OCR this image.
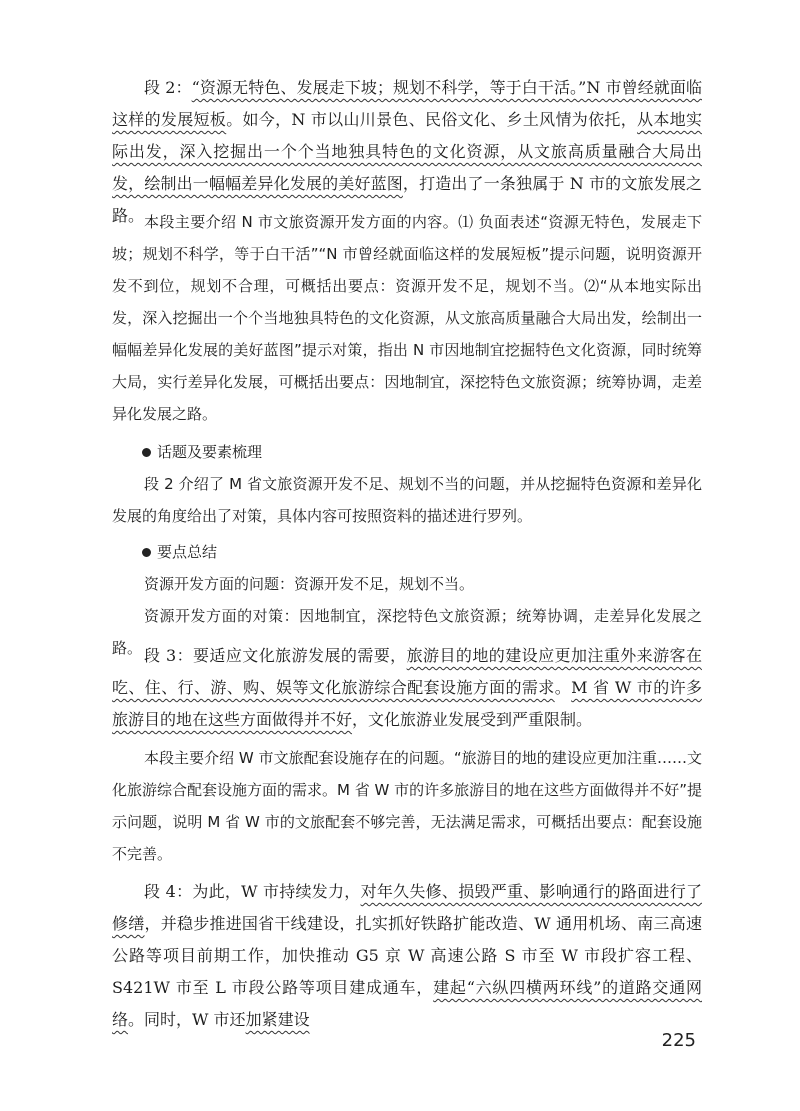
段 2：“资源无特色、发展走下坡；规划不科学，等于白干活。”N 市曾经就面临这样的发展短板。如今，N 市以山川景色、民俗文化、乡土风情为依托，从本地实际出发，深入挖掘出一个个当地独具特色的文化资源，从文旅高质量融合大局出发，绘制出一幅幅差异化发展的美好蓝图，打造出了一条独属于 N 市的文旅发展之路。 本段主要介绍 N 市文旅资源开发方面的内容。⑴ 负面表述“资源无特色，发展走下坡；规划不科学，等于白干活”“N 市曾经就面临这样的发展短板”提示问题，说明资源开发不到位，规划不合理，可概括出要点：资源开发不足，规划不当。⑵“从本地实际出发，深入挖掘出一个个当地独具特色的文化资源，从文旅高质量融合大局出发，绘制出一幅幅差异化发展的美好蓝图”提示对策，指出 N 市因地制宜挖掘特色文化资源，同时统筹大局，实行差异化发展，可概括出要点：因地制宜，深挖特色文旅资源；统筹协调，走差异化发展之路。

话题及要素梳理

段 2 介绍了 M 省文旅资源开发不足、规划不当的问题，并从挖掘特色资源和差异化发展的角度给出了对策，具体内容可按照资料的描述进行罗列。

要点总结

资源开发方面的问题：资源开发不足，规划不当。

资源开发方面的对策：因地制宜，深挖特色文旅资源；统筹协调，走差异化发展之路。 段 3：要适应文化旅游发展的需要，旅游目的地的建设应更加注重外来游客在吃、住、行、游、购、娱等文化旅游综合配套设施方面的需求。M 省 W 市的许多旅游目的地在这些方面做得并不好，文化旅游业发展受到严重限制。

本段主要介绍 W 市文旅配套设施存在的问题。“旅游目的地的建设应更加注重……文化旅游综合配套设施方面的需求。M 省 W 市的许多旅游目的地在这些方面做得并不好”提示问题，说明 M 省 W 市的文旅配套不够完善，无法满足需求，可概括出要点：配套设施不完善。

段 4：为此，W 市持续发力，对年久失修、损毁严重、影响通行的路面进行了修缮，并稳步推进国省干线建设，扎实抓好铁路扩能改造、W 通用机场、南三高速公路等项目前期工作，加快推动 G5 京 W 高速公路 S 市至 W 市段扩容工程、S421W 市至 L 市段公路等项目建成通车，建起“六纵四横两环线”的道路交通网络。同时，W 市还加紧建设

225
